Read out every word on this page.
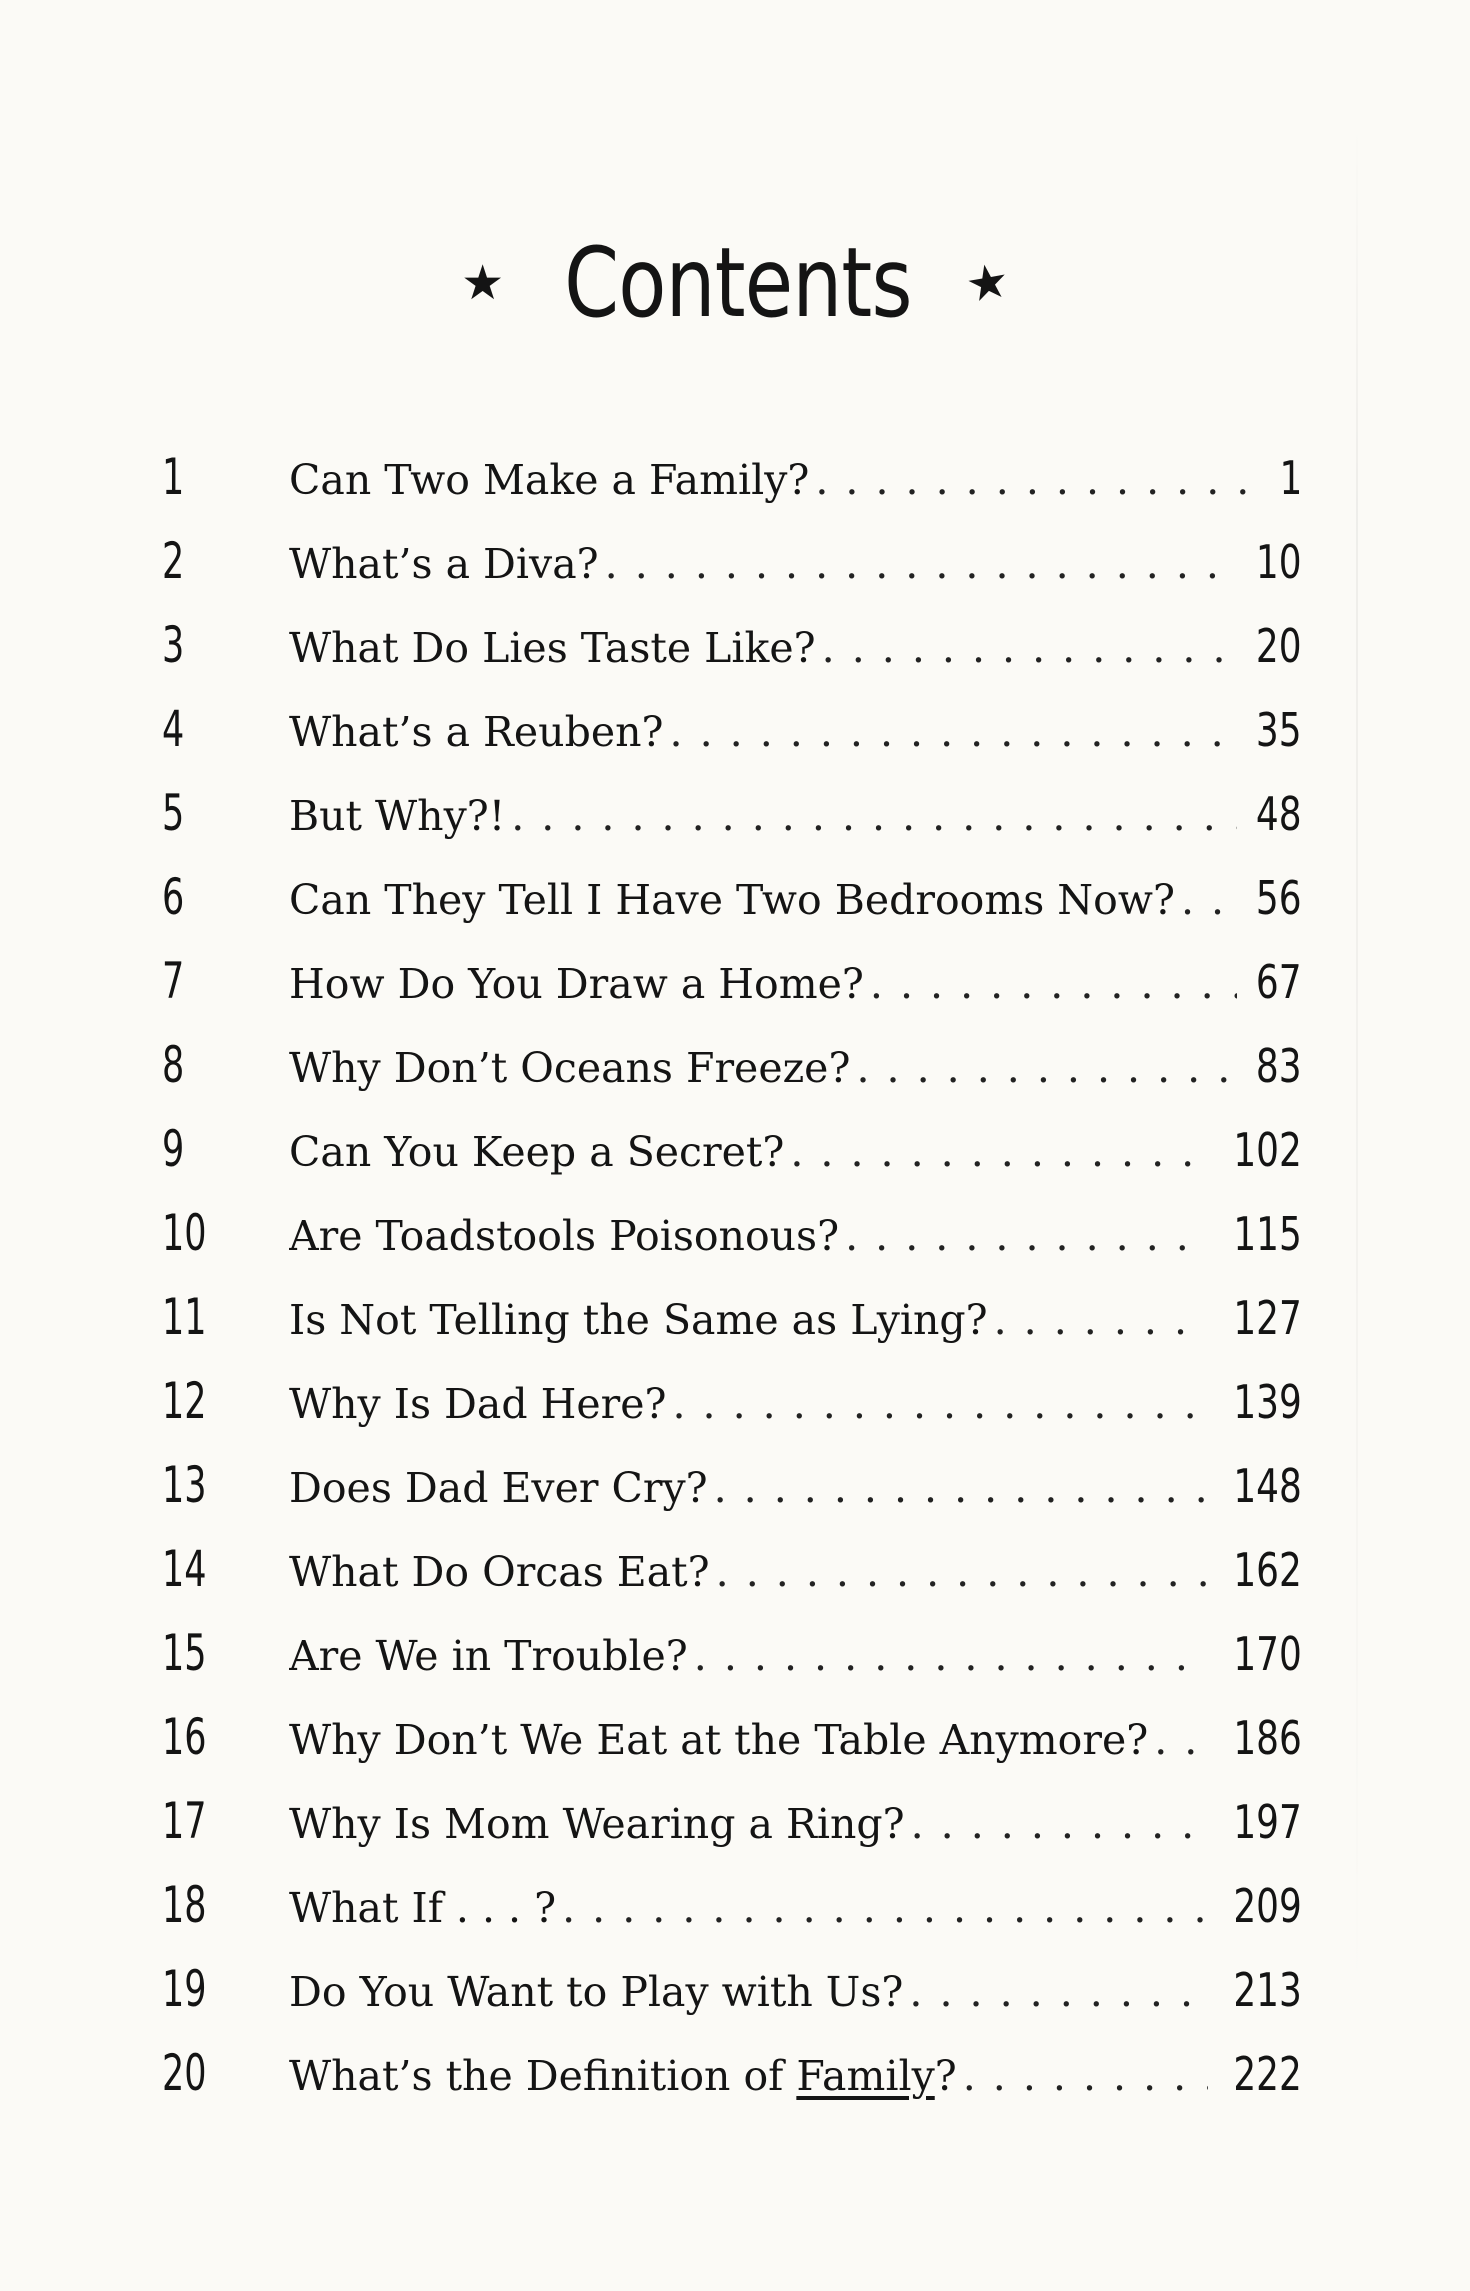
★ Contents ★
1	Can Two Make a Family? . . .	1
2	What’s a Diva? . . .	10
3	What Do Lies Taste Like? . . .	20
4	What’s a Reuben? . . .	35
5	But Why?! . . .	48
6	Can They Tell I Have Two Bedrooms Now? . . . 56
7	How Do You Draw a Home? . . .	67
8	Why Don’t Oceans Freeze? . . .	83
9	Can You Keep a Secret? . . .	102
10	Are Toadstools Poisonous? . . .	115
11	Is Not Telling the Same as Lying? . . .	127
12	Why Is Dad Here? . . .	139
13	Does Dad Ever Cry? . . .	148
14	What Do Orcas Eat? . . .	162
15	Are We in Trouble? . . .	170
16	Why Don’t We Eat at the Table Anymore? . . . 186
17	Why Is Mom Wearing a Ring? . . .	197
18	What If . . . ? . . .	209
19	Do You Want to Play with Us? . . .	213
20	What’s the Definition of Family? . . .	222
